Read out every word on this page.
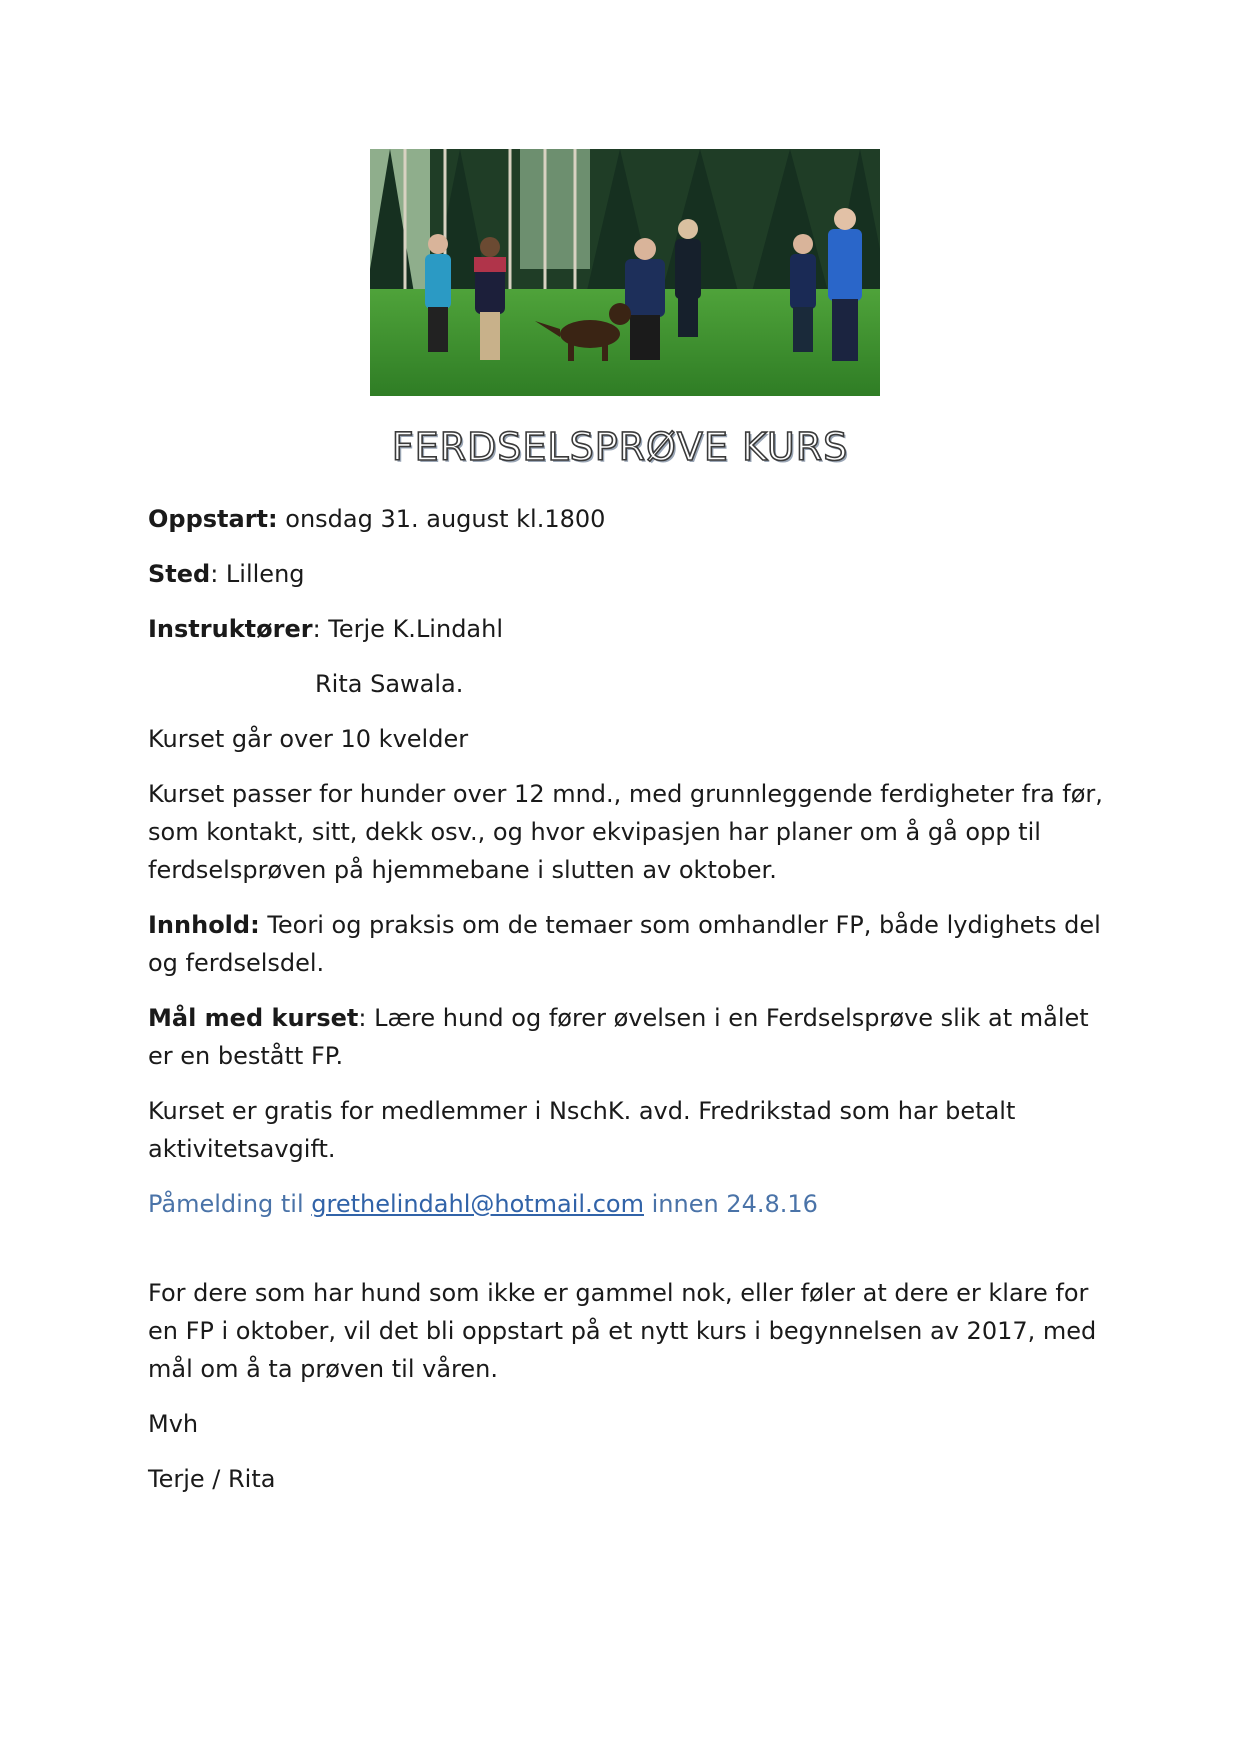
FERDSELSPRØVE KURS

Oppstart: onsdag 31. august kl.1800

Sted: Lilleng

Instruktører: Terje K.Lindahl

Rita Sawala.

Kurset går over 10 kvelder

Kurset passer for hunder over 12 mnd., med grunnleggende ferdigheter fra før, som kontakt, sitt, dekk osv., og hvor ekvipasjen har planer om å gå opp til ferdselsprøven på hjemmebane i slutten av oktober.

Innhold: Teori og praksis om de temaer som omhandler FP, både lydighets del og ferdselsdel.

Mål med kurset: Lære hund og fører øvelsen i en Ferdselsprøve slik at målet er en bestått FP.

Kurset er gratis for medlemmer i NschK. avd. Fredrikstad som har betalt aktivitetsavgift.

Påmelding til grethelindahl@hotmail.com innen 24.8.16

For dere som har hund som ikke er gammel nok, eller føler at dere er klare for en FP i oktober, vil det bli oppstart på et nytt kurs i begynnelsen av 2017, med mål om å ta prøven til våren.

Mvh

Terje / Rita
